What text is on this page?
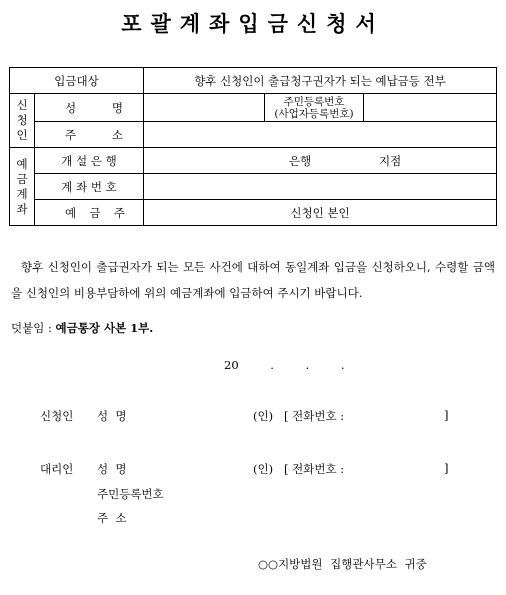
포괄계좌입금신청서
입금대상		향후 신청인이 출급청구권자가 되는 예납금등 전부
신
청
인	성 명	주민등록번호
(사업자등록번호)

	주 소	

예
금
계
좌	개 설 은 행	은행 지점

	계 좌 번 호	

	예 금 주	신청인 본인
향후 신청인이 출급권자가 되는 모든 사건에 대하여 동일계좌 입금을 신청하오니, 수령할 금액을 신청인의 비용부담하에 위의 예금계좌에 입금하여 주시기 바랍니다.
덧붙임 : 예금통장 사본 1부.
20 . . .
신청인 성  명	(인) [ 전화번호 :	]
대리인 성  명	(인) [ 전화번호 :	]
주민등록번호
주  소
○○지방법원 집행관사무소 귀중
